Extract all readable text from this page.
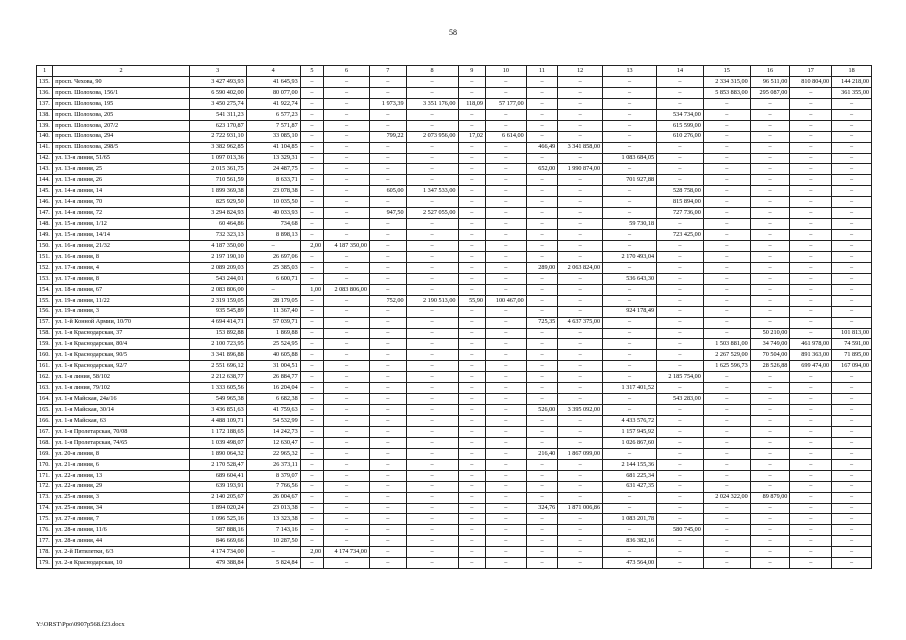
58
1	2	3	4	5	6	7	8	9	10	11	12	13	14	15	16	17	18
135.	просп. Чехова, 90	3 427 493,93	41 645,93	–	–	–	–	–	–	–	–	–	–	2 334 315,00	96 511,00	810 804,00	144 218,00
136.	просп. Шолохова, 156/1	6 590 402,00	80 077,00	–	–	–	–	–	–	–	–	–	–	5 853 883,00	295 087,00	–	361 355,00
137.	просп. Шолохова, 195	3 450 275,74	41 922,74	–	–	1 973,39	3 351 176,00	118,09	57 177,00	–	–	–	–	–	–	–	–
138.	просп. Шолохова, 205	541 311,23	6 577,23	–	–	–	–	–	–	–	–	–	534 734,00	–	–	–	–
139.	просп. Шолохова, 207/2	623 170,87	7 571,87	–	–	–	–	–	–	–	–	–	615 599,00	–	–	–	–
140.	просп. Шолохова, 294	2 722 931,10	33 085,10	–	–	799,22	2 073 956,00	17,02	6 614,00	–	–	–	610 276,00	–	–	–	–
141.	просп. Шолохова, 298/5	3 382 962,85	41 104,85	–	–	–	–	–	–	466,49	3 341 858,00	–	–	–	–	–	–
142.	ул. 13-я линия, 51/65	1 097 013,36	13 329,31	–	–	–	–	–	–	–	–	1 083 684,05	–	–	–	–	–
143.	ул. 13-я линия, 25	2 015 361,75	24 487,75	–	–	–	–	–	–	652,00	1 990 874,00	–	–	–	–	–	–
144.	ул. 13-я линия, 26	710 561,59	8 633,71	–	–	–	–	–	–	–	–	701 927,88	–	–	–	–	–
145.	ул. 14-я линия, 14	1 899 369,38	23 078,38	–	–	605,00	1 347 533,00	–	–	–	–	–	528 758,00	–	–	–	–
146.	ул. 14-я линия, 70	825 929,50	10 035,50	–	–	–	–	–	–	–	–	–	815 894,00	–	–	–	–
147.	ул. 14-я линия, 72	3 294 824,93	40 033,93	–	–	947,50	2 527 055,00	–	–	–	–	–	727 736,00	–	–	–	–
148.	ул. 15-я линия, 1/12	60 464,86	734,68	–	–	–	–	–	–	–	–	59 730,18	–	–	–	–	–
149.	ул. 15-я линия, 14/14	732 323,13	8 898,13	–	–	–	–	–	–	–	–	–	723 425,00	–	–	–	–
150.	ул. 16-я линия, 21/32	4 187 350,00	–	2,00	4 187 350,00	–	–	–	–	–	–	–	–	–	–	–	–
151.	ул. 16-я линия, 8	2 197 190,10	26 697,06	–	–	–	–	–	–	–	–	2 170 493,04	–	–	–	–	–
152.	ул. 17-я линия, 4	2 089 209,03	25 385,03	–	–	–	–	–	–	289,00	2 063 824,00	–	–	–	–	–	–
153.	ул. 17-я линия, 8	543 244,01	6 600,71	–	–	–	–	–	–	–	–	536 643,30	–	–	–	–	–
154.	ул. 18-я линия, 67	2 083 806,00	–	1,00	2 083 806,00	–	–	–	–	–	–	–	–	–	–	–	–
155.	ул. 19-я линия, 11/22	2 319 159,05	28 179,05	–	–	752,00	2 190 513,00	55,90	100 467,00	–	–	–	–	–	–	–	–
156.	ул. 19-я линия, 3	935 545,89	11 367,40	–	–	–	–	–	–	–	–	924 178,49	–	–	–	–	–
157.	ул. 1-й Конной Армии, 10/70	4 694 414,71	57 039,71	–	–	–	–	–	–	725,35	4 637 375,00	–	–	–	–	–	–
158.	ул. 1-я Краснодарская, 37	153 892,88	1 869,88	–	–	–	–	–	–	–	–	–	–	–	50 210,00	–	101 813,00
159.	ул. 1-я Краснодарская, 80/4	2 100 723,95	25 524,95	–	–	–	–	–	–	–	–	–	–	1 503 881,00	34 749,00	461 978,00	74 591,00
160.	ул. 1-я Краснодарская, 90/5	3 341 896,88	40 605,88	–	–	–	–	–	–	–	–	–	–	2 267 529,00	70 504,00	891 363,00	71 895,00
161.	ул. 1-я Краснодарская, 92/7	2 551 696,12	31 004,51	–	–	–	–	–	–	–	–	–	–	1 625 596,73	28 526,88	699 474,00	167 094,00
162.	ул. 1-я линия, 58/102	2 212 638,77	26 884,77	–	–	–	–	–	–	–	–	–	2 185 754,00	–	–	–	–
163.	ул. 1-я линия, 79/102	1 333 605,56	16 204,04	–	–	–	–	–	–	–	–	1 317 401,52	–	–	–	–	–
164.	ул. 1-я Майская, 24a/16	549 965,38	6 682,38	–	–	–	–	–	–	–	–	–	543 283,00	–	–	–	–
165.	ул. 1-я Майская, 30/14	3 436 851,63	41 759,63	–	–	–	–	–	–	526,00	3 395 092,00	–	–	–	–	–	–
166.	ул. 1-я Майская, 63	4 488 109,71	54 532,99	–	–	–	–	–	–	–	–	4 433 576,72	–	–	–	–	–
167.	ул. 1-я Пролетарская, 70/08	1 172 188,65	14 242,73	–	–	–	–	–	–	–	–	1 157 945,92	–	–	–	–	–
168.	ул. 1-я Пролетарская, 74/65	1 039 498,07	12 630,47	–	–	–	–	–	–	–	–	1 026 867,60	–	–	–	–	–
169.	ул. 20-я линия, 8	1 890 064,32	22 965,32	–	–	–	–	–	–	216,40	1 867 099,00	–	–	–	–	–	–
170.	ул. 21-я линия, 6	2 170 528,47	26 373,11	–	–	–	–	–	–	–	–	2 144 155,36	–	–	–	–	–
171.	ул. 22-я линия, 13	689 604,41	8 379,07	–	–	–	–	–	–	–	–	681 225,34	–	–	–	–	–
172.	ул. 22-я линия, 29	639 193,91	7 766,56	–	–	–	–	–	–	–	–	631 427,35	–	–	–	–	–
173.	ул. 25-я линия, 3	2 140 205,67	26 004,67	–	–	–	–	–	–	–	–	–	–	2 024 322,00	89 879,00	–	–
174.	ул. 25-я линия, 34	1 894 020,24	23 013,38	–	–	–	–	–	–	324,76	1 871 006,86	–	–	–	–	–	–
175.	ул. 27-я линия, 7	1 096 525,16	13 323,38	–	–	–	–	–	–	–	–	1 083 201,78	–	–	–	–	–
176.	ул. 28-я линия, 11/6	587 888,16	7 143,16	–	–	–	–	–	–	–	–	–	580 745,00	–	–	–	–
177.	ул. 28-я линия, 44	846 669,66	10 287,50	–	–	–	–	–	–	–	–	836 382,16	–	–	–	–	–
178.	ул. 2-й Пятилетки, 6/3	4 174 734,00	–	2,00	4 174 734,00	–	–	–	–	–	–	–	–	–	–	–	–
179.	ул. 2-я Краснодарская, 10	479 388,84	5 824,84	–	–	–	–	–	–	–	–	473 564,00	–	–	–	–	–
Y:\ORST\Ppo\0907p568.f23.docx
